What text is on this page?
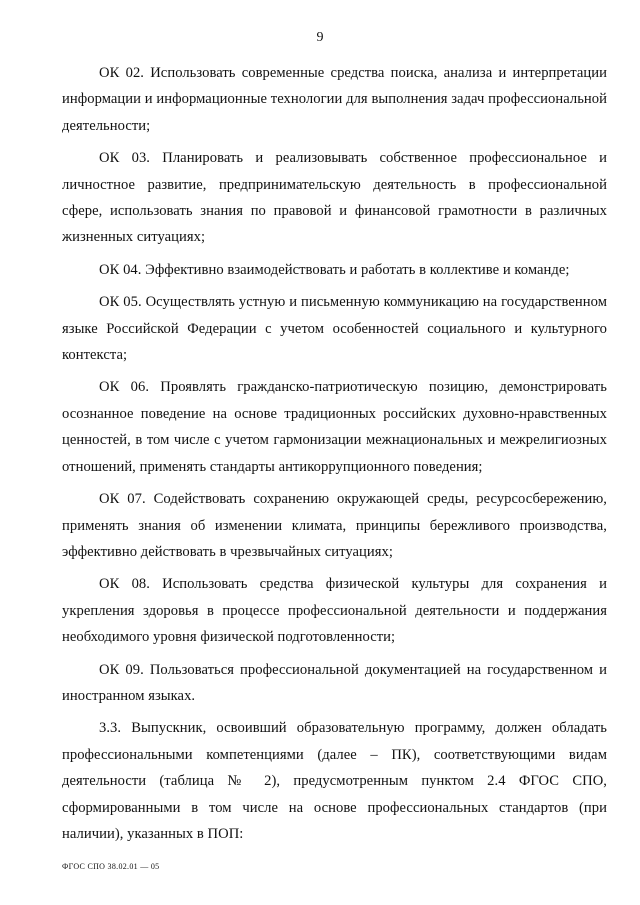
9

ОК 02. Использовать современные средства поиска, анализа и интерпретации информации и информационные технологии для выполнения задач профессиональной деятельности;

ОК 03. Планировать и реализовывать собственное профессиональное и личностное развитие, предпринимательскую деятельность в профессиональной сфере, использовать знания по правовой и финансовой грамотности в различных жизненных ситуациях;

ОК 04. Эффективно взаимодействовать и работать в коллективе и команде;

ОК 05. Осуществлять устную и письменную коммуникацию на государственном языке Российской Федерации с учетом особенностей социального и культурного контекста;

ОК 06. Проявлять гражданско-патриотическую позицию, демонстрировать осознанное поведение на основе традиционных российских духовно-нравственных ценностей, в том числе с учетом гармонизации межнациональных и межрелигиозных отношений, применять стандарты антикоррупционного поведения;

ОК 07. Содействовать сохранению окружающей среды, ресурсосбережению, применять знания об изменении климата, принципы бережливого производства, эффективно действовать в чрезвычайных ситуациях;

ОК 08. Использовать средства физической культуры для сохранения и укрепления здоровья в процессе профессиональной деятельности и поддержания необходимого уровня физической подготовленности;

ОК 09. Пользоваться профессиональной документацией на государственном и иностранном языках.

3.3. Выпускник, освоивший образовательную программу, должен обладать профессиональными компетенциями (далее – ПК), соответствующими видам деятельности (таблица № 2), предусмотренным пунктом 2.4 ФГОС СПО, сформированными в том числе на основе профессиональных стандартов (при наличии), указанных в ПОП:

ФГОС СПО 38.02.01 — 05
